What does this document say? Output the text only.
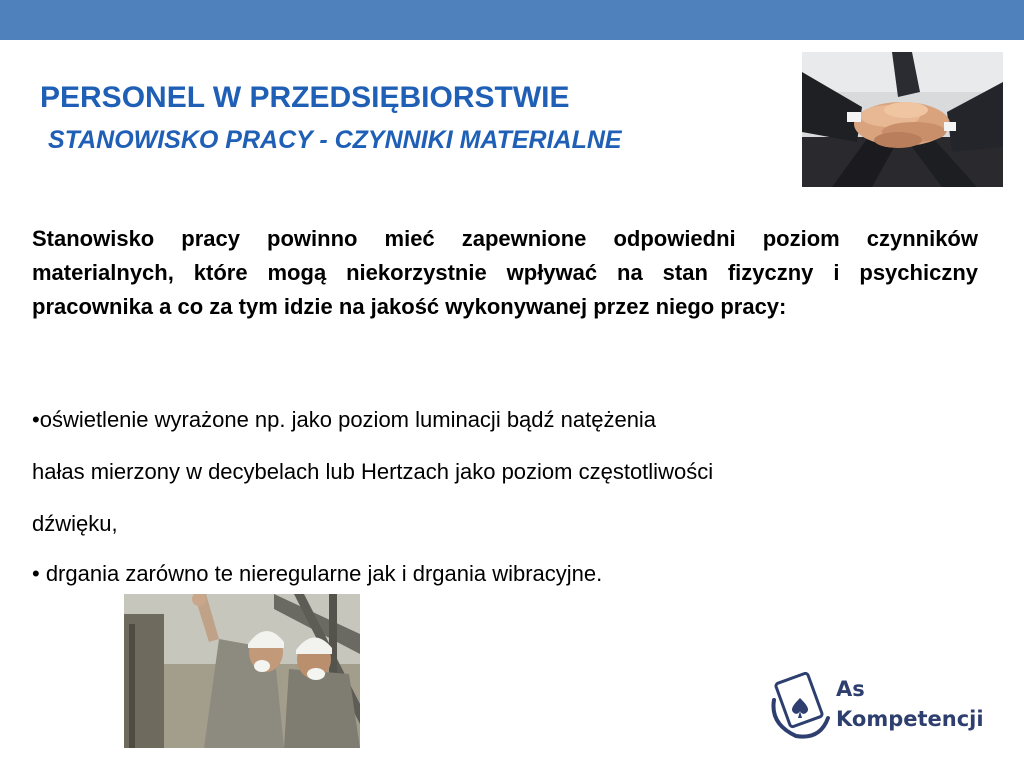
PERSONEL W PRZEDSIĘBIORSTWIE
STANOWISKO PRACY - CZYNNIKI MATERIALNE
Stanowisko pracy powinno mieć zapewnione odpowiedni poziom czynników materialnych, które mogą niekorzystnie wpływać na stan fizyczny i psychiczny pracownika a co za tym idzie na jakość wykonywanej przez niego pracy:
•oświetlenie wyrażone np. jako poziom luminacji bądź natężenia
hałas mierzony w decybelach lub Hertzach jako poziom częstotliwości
dźwięku,
• drgania zarówno te nieregularne jak i drgania wibracyjne.
As
Kompetencji
